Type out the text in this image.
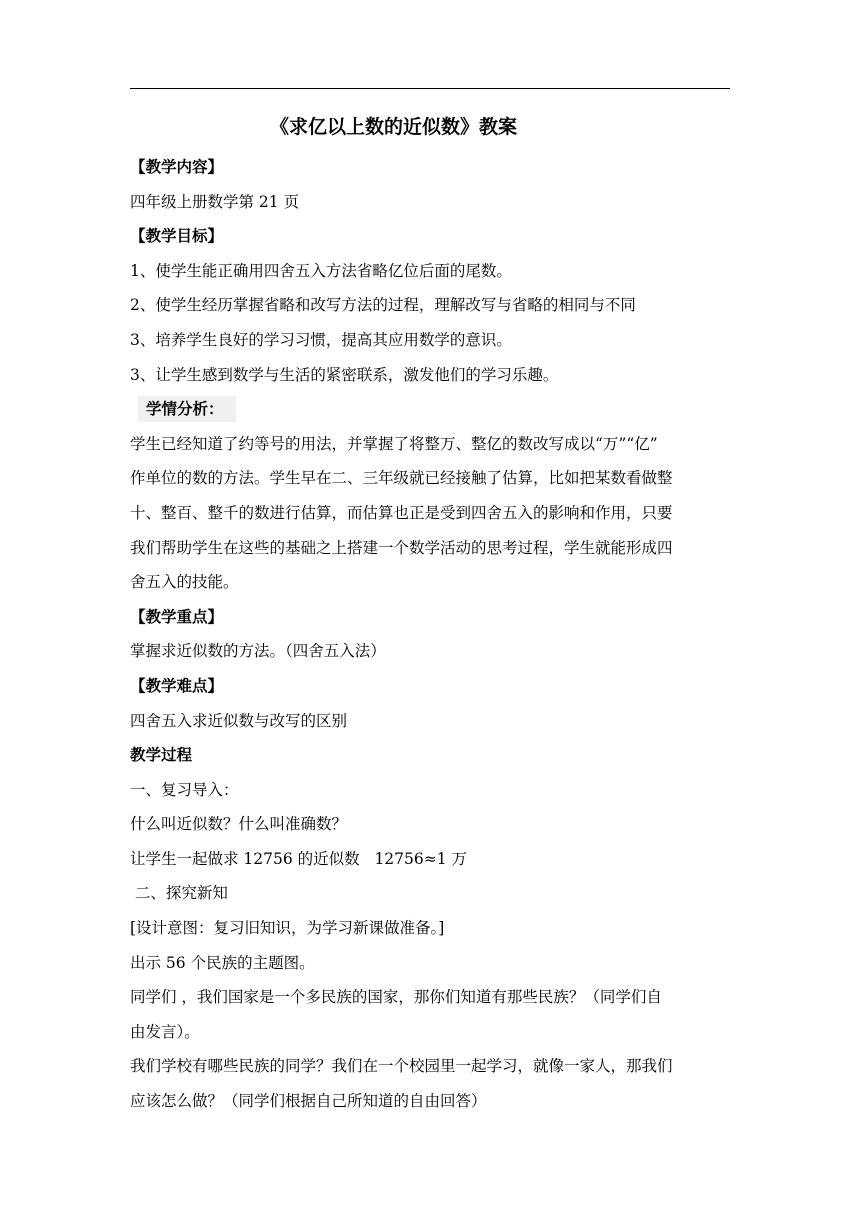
《求亿以上数的近似数》教案

【教学内容】

四年级上册数学第 21 页

【教学目标】

1、使学生能正确用四舍五入方法省略亿位后面的尾数。

2、使学生经历掌握省略和改写方法的过程，理解改写与省略的相同与不同

3、培养学生良好的学习习惯，提高其应用数学的意识。

3、让学生感到数学与生活的紧密联系，激发他们的学习乐趣。

学情分析：

学生已经知道了约等号的用法，并掌握了将整万、整亿的数改写成以“万”“亿”

作单位的数的方法。学生早在二、三年级就已经接触了估算，比如把某数看做整

十、整百、整千的数进行估算，而估算也正是受到四舍五入的影响和作用，只要

我们帮助学生在这些的基础之上搭建一个数学活动的思考过程，学生就能形成四

舍五入的技能。

【教学重点】

掌握求近似数的方法。（四舍五入法）

【教学难点】

四舍五入求近似数与改写的区别

教学过程

一、复习导入：

什么叫近似数？什么叫准确数？

让学生一起做求 12756 的近似数   12756≈1 万

二、探究新知

[设计意图：复习旧知识，为学习新课做准备。]

出示 56 个民族的主题图。

同学们 ，我们国家是一个多民族的国家，那你们知道有那些民族？（同学们自

由发言）。

我们学校有哪些民族的同学？我们在一个校园里一起学习，就像一家人，那我们

应该怎么做？（同学们根据自己所知道的自由回答）
